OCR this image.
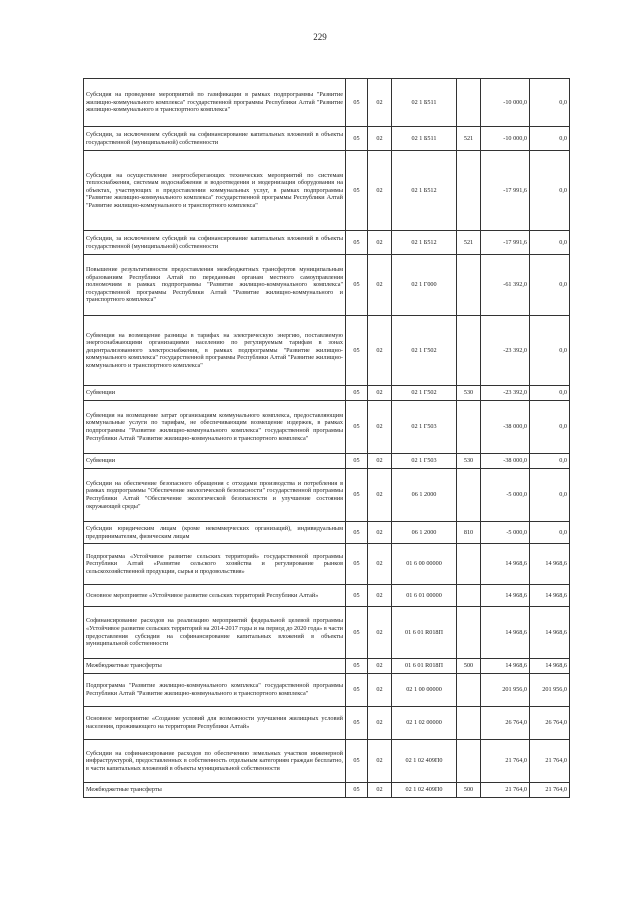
229
Субсидия на проведение мероприятий по газификации в рамках подпрограммы "Развитие жилищно-коммунального комплекса" государственной программы Республики Алтай "Развитие жилищно-коммунального и транспортного комплекса"	05	02	02 1 Б511		-10 000,0	0,0
Субсидии, за исключением субсидий на софинансирование капитальных вложений в объекты государственной (муниципальной) собственности	05	02	02 1 Б511	521	-10 000,0	0,0
Субсидия на осуществление энергосберегающих технических мероприятий по системам теплоснабжения, системам водоснабжения и водоотведения и модернизация оборудования на объектах, участвующих в предоставлении коммунальных услуг, в рамках подпрограммы "Развитие жилищно-коммунального комплекса" государственной программы Республики Алтай "Развитие жилищно-коммунального и транспортного комплекса"	05	02	02 1 Б512		-17 991,6	0,0
Субсидии, за исключением субсидий на софинансирование капитальных вложений в объекты государственной (муниципальной) собственности	05	02	02 1 Б512	521	-17 991,6	0,0
Повышение результативности предоставления межбюджетных трансфертов муниципальным образованиям Республики Алтай по переданным органам местного самоуправления полномочиям в рамках подпрограммы "Развитие жилищно-коммунального комплекса" государственной программы Республики Алтай "Развитие жилищно-коммунального и транспортного комплекса"	05	02	02 1 Г000		-61 392,0	0,0
Субвенция на возмещение разницы в тарифах на электрическую энергию, поставляемую энергоснабжающими организациями населению по регулируемым тарифам в зонах децентрализованного электроснабжения, в рамках подпрограммы "Развитие жилищно-коммунального комплекса" государственной программы Республики Алтай "Развитие жилищно-коммунального и транспортного комплекса"	05	02	02 1 Г502		-23 392,0	0,0
Субвенции	05	02	02 1 Г502	530	-23 392,0	0,0
Субвенция на возмещение затрат организациям коммунального комплекса, предоставляющим коммунальные услуги по тарифам, не обеспечивающим возмещение издержек, в рамках подпрограммы "Развитие жилищно-коммунального комплекса" государственной программы Республики Алтай "Развитие жилищно-коммунального и транспортного комплекса"	05	02	02 1 Г503		-38 000,0	0,0
Субвенции	05	02	02 1 Г503	530	-38 000,0	0,0
Субсидии на обеспечение безопасного обращения с отходами производства и потребления в рамках подпрограммы "Обеспечение экологической безопасности" государственной программы Республики Алтай "Обеспечение экологической безопасности и улучшение состояния окружающей среды"	05	02	06 1 2000		-5 000,0	0,0
Субсидии юридическим лицам (кроме некоммерческих организаций), индивидуальным предпринимателям, физическим лицам	05	02	06 1 2000	810	-5 000,0	0,0
Подпрограмма «Устойчивое развитие сельских территорий» государственной программы Республики Алтай «Развитие сельского хозяйства и регулирование рынков сельскохозяйственной продукции, сырья и продовольствия»	05	02	01 6 00 00000		14 968,6	14 968,6
Основное мероприятие «Устойчивое развитие сельских территорий Республики Алтай»	05	02	01 6 01 00000		14 968,6	14 968,6
Софинансирование расходов на реализацию мероприятий федеральной целевой программы «Устойчивое развитие сельских территорий на 2014-2017 годы и на период до 2020 года» в части предоставления субсидии на софинансирование капитальных вложений в объекты муниципальной собственности	05	02	01 6 01 R018П		14 968,6	14 968,6
Межбюджетные трансферты	05	02	01 6 01 R018П	500	14 968,6	14 968,6
Подпрограмма "Развитие жилищно-коммунального комплекса" государственной программы Республики Алтай "Развитие жилищно-коммунального и транспортного комплекса"	05	02	02 1 00 00000		201 956,0	201 956,0
Основное мероприятие «Создание условий для возможности улучшения жилищных условий населения, проживающего на территории Республики Алтай»	05	02	02 1 02 00000		26 764,0	26 764,0
Субсидии на софинансирование расходов по обеспечению земельных участков инженерной инфраструктурой, предоставленных в собственность отдельным категориям граждан бесплатно, в части капитальных вложений в объекты муниципальной собственности	05	02	02 1 02 409П0		21 764,0	21 764,0
Межбюджетные трансферты	05	02	02 1 02 409П0	500	21 764,0	21 764,0
